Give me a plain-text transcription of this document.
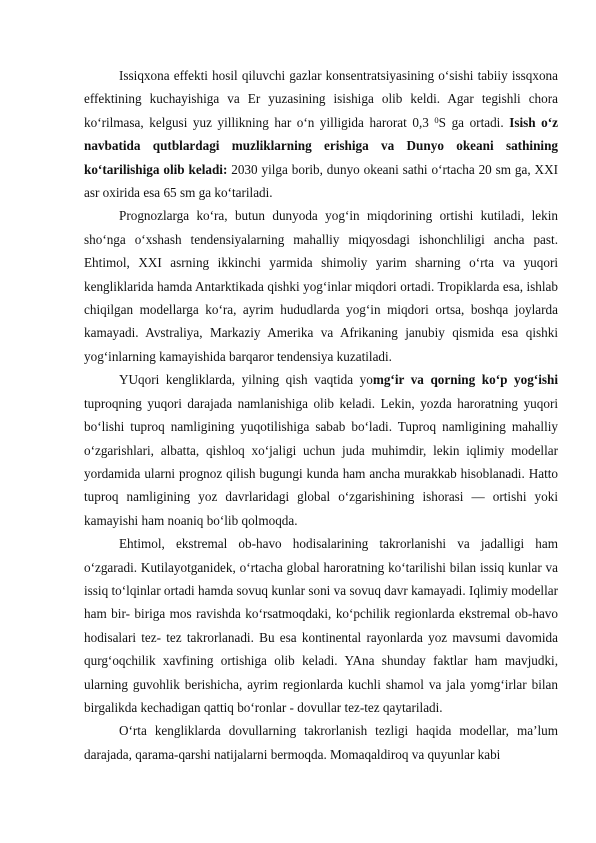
Issiqxona effekti hosil qiluvchi gazlar konsentratsiyasining o‘sishi tabiiy issqxona effektining kuchayishiga va Er yuzasining isishiga olib keldi. Agar tegishli chora ko‘rilmasa, kelgusi yuz yillikning har o‘n yilligida harorat 0,3 $^0$S ga ortadi. Isish o‘z navbatida qutblardagi muzliklarning erishiga va Dunyo okeani sathining ko‘tarilishiga olib keladi: 2030 yilga borib, dunyo okeani sathi o‘rtacha 20 sm ga, XXI asr oxirida esa 65 sm ga ko‘tariladi.

Prognozlarga ko‘ra, butun dunyoda yog‘in miqdorining ortishi kutiladi, lekin sho‘nga o‘xshash tendensiyalarning mahalliy miqyosdagi ishonchliligi ancha past. Ehtimol, XXI asrning ikkinchi yarmida shimoliy yarim sharning o‘rta va yuqori kengliklarida hamda Antarktikada qishki yog‘inlar miqdori ortadi. Tropiklarda esa, ishlab chiqilgan modellarga ko‘ra, ayrim hududlarda yog‘in miqdori ortsa, boshqa joylarda kamayadi. Avstraliya, Markaziy Amerika va Afrikaning janubiy qismida esa qishki yog‘inlarning kamayishida barqaror tendensiya kuzatiladi.

YUqori kengliklarda, yilning qish vaqtida yomg‘ir va qorning ko‘p yog‘ishi tuproqning yuqori darajada namlanishiga olib keladi. Lekin, yozda haroratning yuqori bo‘lishi tuproq namligining yuqotilishiga sabab bo‘ladi. Tuproq namligining mahalliy o‘zgarishlari, albatta, qishloq xo‘jaligi uchun juda muhimdir, lekin iqlimiy modellar yordamida ularni prognoz qilish bugungi kunda ham ancha murakkab hisoblanadi. Hatto tuproq namligining yoz davrlaridagi global o‘zgarishining ishorasi — ortishi yoki kamayishi ham noaniq bo‘lib qolmoqda.

Ehtimol, ekstremal ob-havo hodisalarining takrorlanishi va jadalligi ham o‘zgaradi. Kutilayotganidek, o‘rtacha global haroratning ko‘tarilishi bilan issiq kunlar va issiq to‘lqinlar ortadi hamda sovuq kunlar soni va sovuq davr kamayadi. Iqlimiy modellar ham bir- biriga mos ravishda ko‘rsatmoqdaki, ko‘pchilik regionlarda ekstremal ob-havo hodisalari tez- tez takrorlanadi. Bu esa kontinental rayonlarda yoz mavsumi davomida qurg‘oqchilik xavfining ortishiga olib keladi. YAna shunday faktlar ham mavjudki, ularning guvohlik berishicha, ayrim regionlarda kuchli shamol va jala yomg‘irlar bilan birgalikda kechadigan qattiq bo‘ronlar - dovullar tez-tez qaytariladi.

O‘rta kengliklarda dovullarning takrorlanish tezligi haqida modellar, ma’lum darajada, qarama-qarshi natijalarni bermoqda. Momaqaldiroq va quyunlar kabi
